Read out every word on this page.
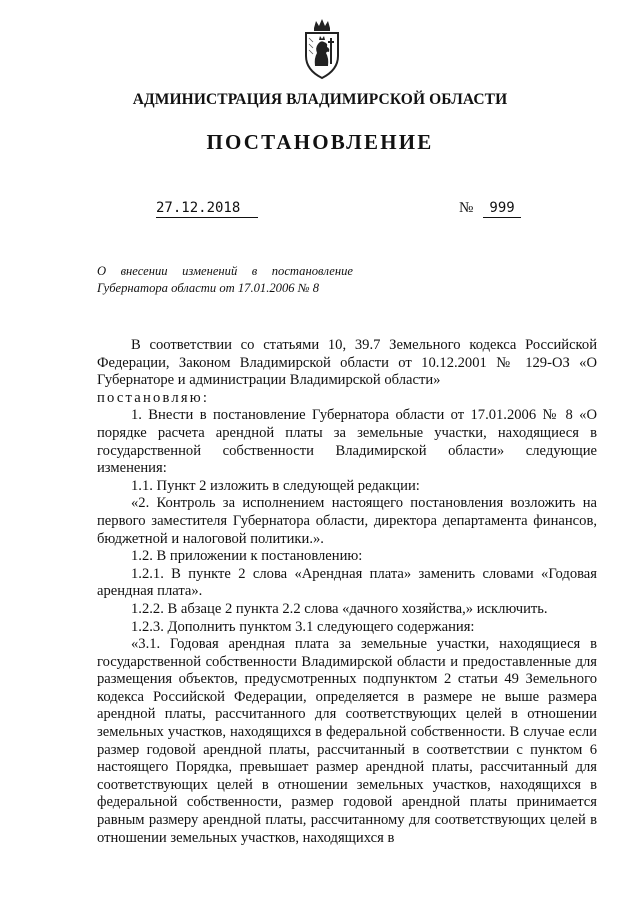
АДМИНИСТРАЦИЯ ВЛАДИМИРСКОЙ ОБЛАСТИ
ПОСТАНОВЛЕНИЕ
27.12.2018	№ 999
О внесении изменений в постановление
Губернатора области от 17.01.2006 № 8

В соответствии со статьями 10, 39.7 Земельного кодекса Российской Федерации, Законом Владимирской области от 10.12.2001 № 129-ОЗ «О Губернаторе и администрации Владимирской области»

постановляю:

1. Внести в постановление Губернатора области от 17.01.2006 № 8 «О порядке расчета арендной платы за земельные участки, находящиеся в государственной собственности Владимирской области» следующие изменения:

1.1. Пункт 2 изложить в следующей редакции:

«2. Контроль за исполнением настоящего постановления возложить на первого заместителя Губернатора области, директора департамента финансов, бюджетной и налоговой политики.».

1.2. В приложении к постановлению:

1.2.1. В пункте 2 слова «Арендная плата» заменить словами «Годовая арендная плата».

1.2.2. В абзаце 2 пункта 2.2 слова «дачного хозяйства,» исключить.

1.2.3. Дополнить пунктом 3.1 следующего содержания:

«3.1. Годовая арендная плата за земельные участки, находящиеся в государственной собственности Владимирской области и предоставленные для размещения объектов, предусмотренных подпунктом 2 статьи 49 Земельного кодекса Российской Федерации, определяется в размере не выше размера арендной платы, рассчитанного для соответствующих целей в отношении земельных участков, находящихся в федеральной собственности. В случае если размер годовой арендной платы, рассчитанный в соответствии с пунктом 6 настоящего Порядка, превышает размер арендной платы, рассчитанный для соответствующих целей в отношении земельных участков, находящихся в федеральной собственности, размер годовой арендной платы принимается равным размеру арендной платы, рассчитанному для соответствующих целей в отношении земельных участков, находящихся в
